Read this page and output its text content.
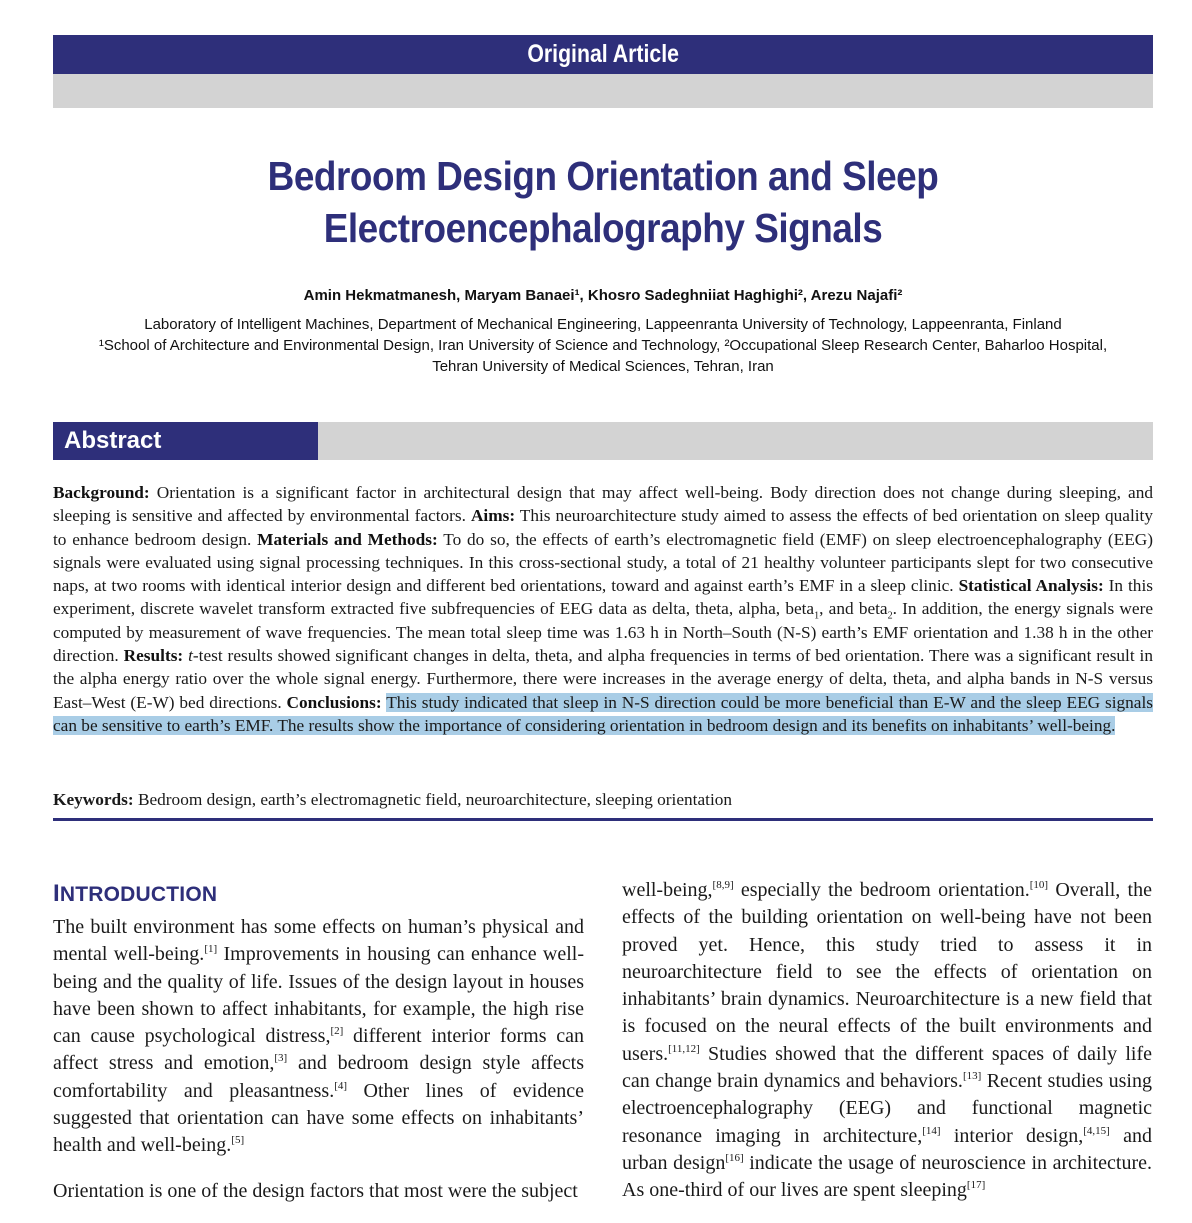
Original Article
Bedroom Design Orientation and Sleep Electroencephalography Signals
Amin Hekmatmanesh, Maryam Banaei¹, Khosro Sadeghniiat Haghighi², Arezu Najafi²
Laboratory of Intelligent Machines, Department of Mechanical Engineering, Lappeenranta University of Technology, Lappeenranta, Finland
¹School of Architecture and Environmental Design, Iran University of Science and Technology, ²Occupational Sleep Research Center, Baharloo Hospital,
Tehran University of Medical Sciences, Tehran, Iran
Abstract
Background: Orientation is a significant factor in architectural design that may affect well-being. Body direction does not change during sleeping, and sleeping is sensitive and affected by environmental factors. Aims: This neuroarchitecture study aimed to assess the effects of bed orientation on sleep quality to enhance bedroom design. Materials and Methods: To do so, the effects of earth’s electromagnetic field (EMF) on sleep electroencephalography (EEG) signals were evaluated using signal processing techniques. In this cross-sectional study, a total of 21 healthy volunteer participants slept for two consecutive naps, at two rooms with identical interior design and different bed orientations, toward and against earth’s EMF in a sleep clinic. Statistical Analysis: In this experiment, discrete wavelet transform extracted five subfrequencies of EEG data as delta, theta, alpha, beta$_1$, and beta$_2$. In addition, the energy signals were computed by measurement of wave frequencies. The mean total sleep time was 1.63 h in North–South (N-S) earth’s EMF orientation and 1.38 h in the other direction. Results: t-test results showed significant changes in delta, theta, and alpha frequencies in terms of bed orientation. There was a significant result in the alpha energy ratio over the whole signal energy. Furthermore, there were increases in the average energy of delta, theta, and alpha bands in N-S versus East–West (E-W) bed directions. Conclusions: This study indicated that sleep in N-S direction could be more beneficial than E-W and the sleep EEG signals can be sensitive to earth’s EMF. The results show the importance of considering orientation in bedroom design and its benefits on inhabitants’ well-being.
Keywords: Bedroom design, earth’s electromagnetic field, neuroarchitecture, sleeping orientation
INTRODUCTION

The built environment has some effects on human’s physical and mental well-being.[1] Improvements in housing can enhance well-being and the quality of life. Issues of the design layout in houses have been shown to affect inhabitants, for example, the high rise can cause psychological distress,[2] different interior forms can affect stress and emotion,[3] and bedroom design style affects comfortability and pleasantness.[4] Other lines of evidence suggested that orientation can have some effects on inhabitants’ health and well-being.[5]

Orientation is one of the design factors that most were the subject

well-being,[8,9] especially the bedroom orientation.[10] Overall, the effects of the building orientation on well-being have not been proved yet. Hence, this study tried to assess it in neuroarchitecture field to see the effects of orientation on inhabitants’ brain dynamics. Neuroarchitecture is a new field that is focused on the neural effects of the built environments and users.[11,12] Studies showed that the different spaces of daily life can change brain dynamics and behaviors.[13] Recent studies using electroencephalography (EEG) and functional magnetic resonance imaging in architecture,[14] interior design,[4,15] and urban design[16] indicate the usage of neuroscience in architecture. As one-third of our lives are spent sleeping[17]
